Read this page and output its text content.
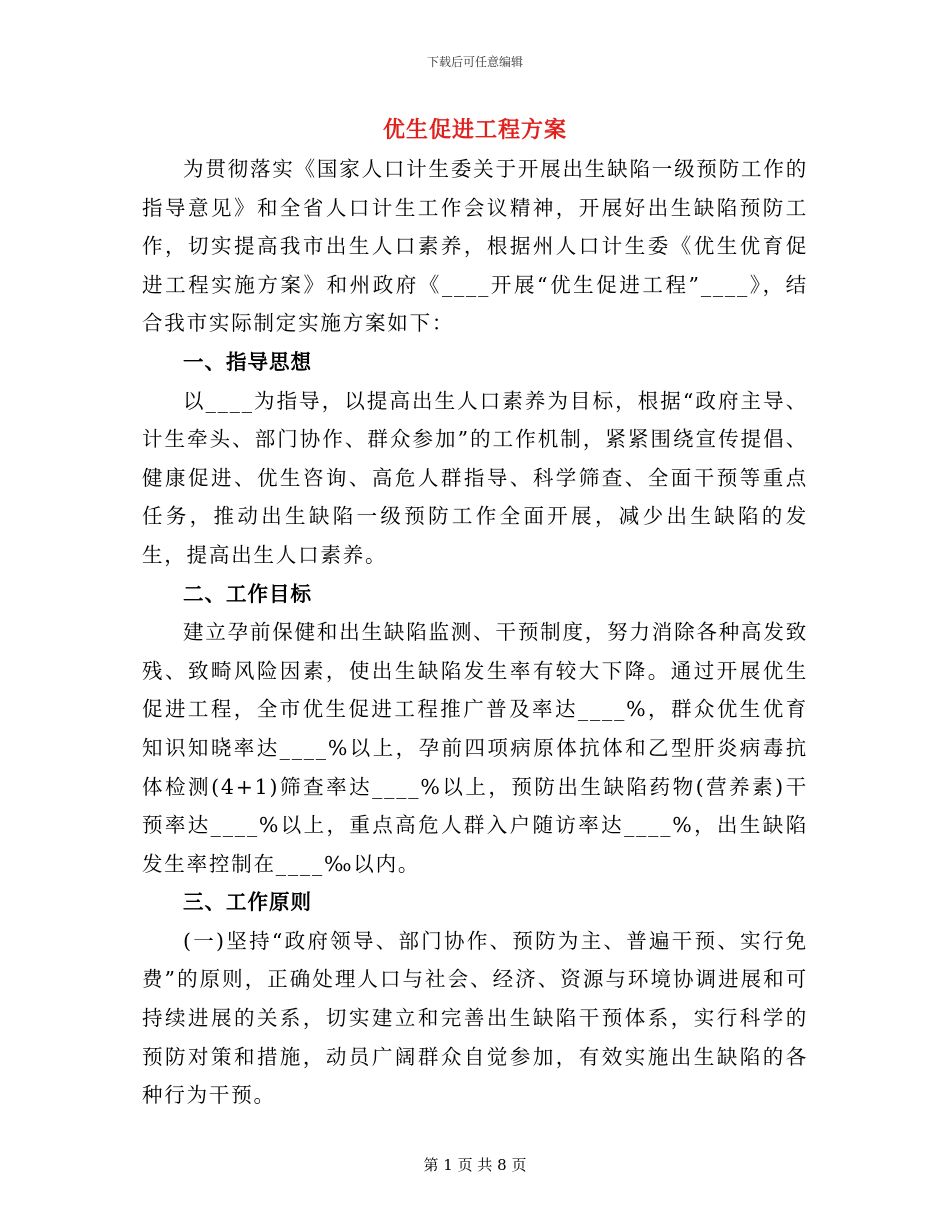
下载后可任意编辑
优生促进工程方案

为贯彻落实《国家人口计生委关于开展出生缺陷一级预防工作的指导意见》和全省人口计生工作会议精神，开展好出生缺陷预防工作，切实提高我市出生人口素养，根据州人口计生委《优生优育促进工程实施方案》和州政府《____开展“优生促进工程”____》，结合我市实际制定实施方案如下：

一、指导思想

以____为指导，以提高出生人口素养为目标，根据“政府主导、计生牵头、部门协作、群众参加”的工作机制，紧紧围绕宣传提倡、健康促进、优生咨询、高危人群指导、科学筛查、全面干预等重点任务，推动出生缺陷一级预防工作全面开展，减少出生缺陷的发生，提高出生人口素养。

二、工作目标

建立孕前保健和出生缺陷监测、干预制度，努力消除各种高发致残、致畸风险因素，使出生缺陷发生率有较大下降。通过开展优生促进工程，全市优生促进工程推广普及率达____%，群众优生优育知识知晓率达____%以上，孕前四项病原体抗体和乙型肝炎病毒抗体检测(4+1)筛查率达____%以上，预防出生缺陷药物(营养素)干预率达____%以上，重点高危人群入户随访率达____%，出生缺陷发生率控制在____‰以内。

三、工作原则

(一)坚持“政府领导、部门协作、预防为主、普遍干预、实行免费”的原则，正确处理人口与社会、经济、资源与环境协调进展和可持续进展的关系，切实建立和完善出生缺陷干预体系，实行科学的预防对策和措施，动员广阔群众自觉参加，有效实施出生缺陷的各种行为干预。

第 1 页 共 8 页
